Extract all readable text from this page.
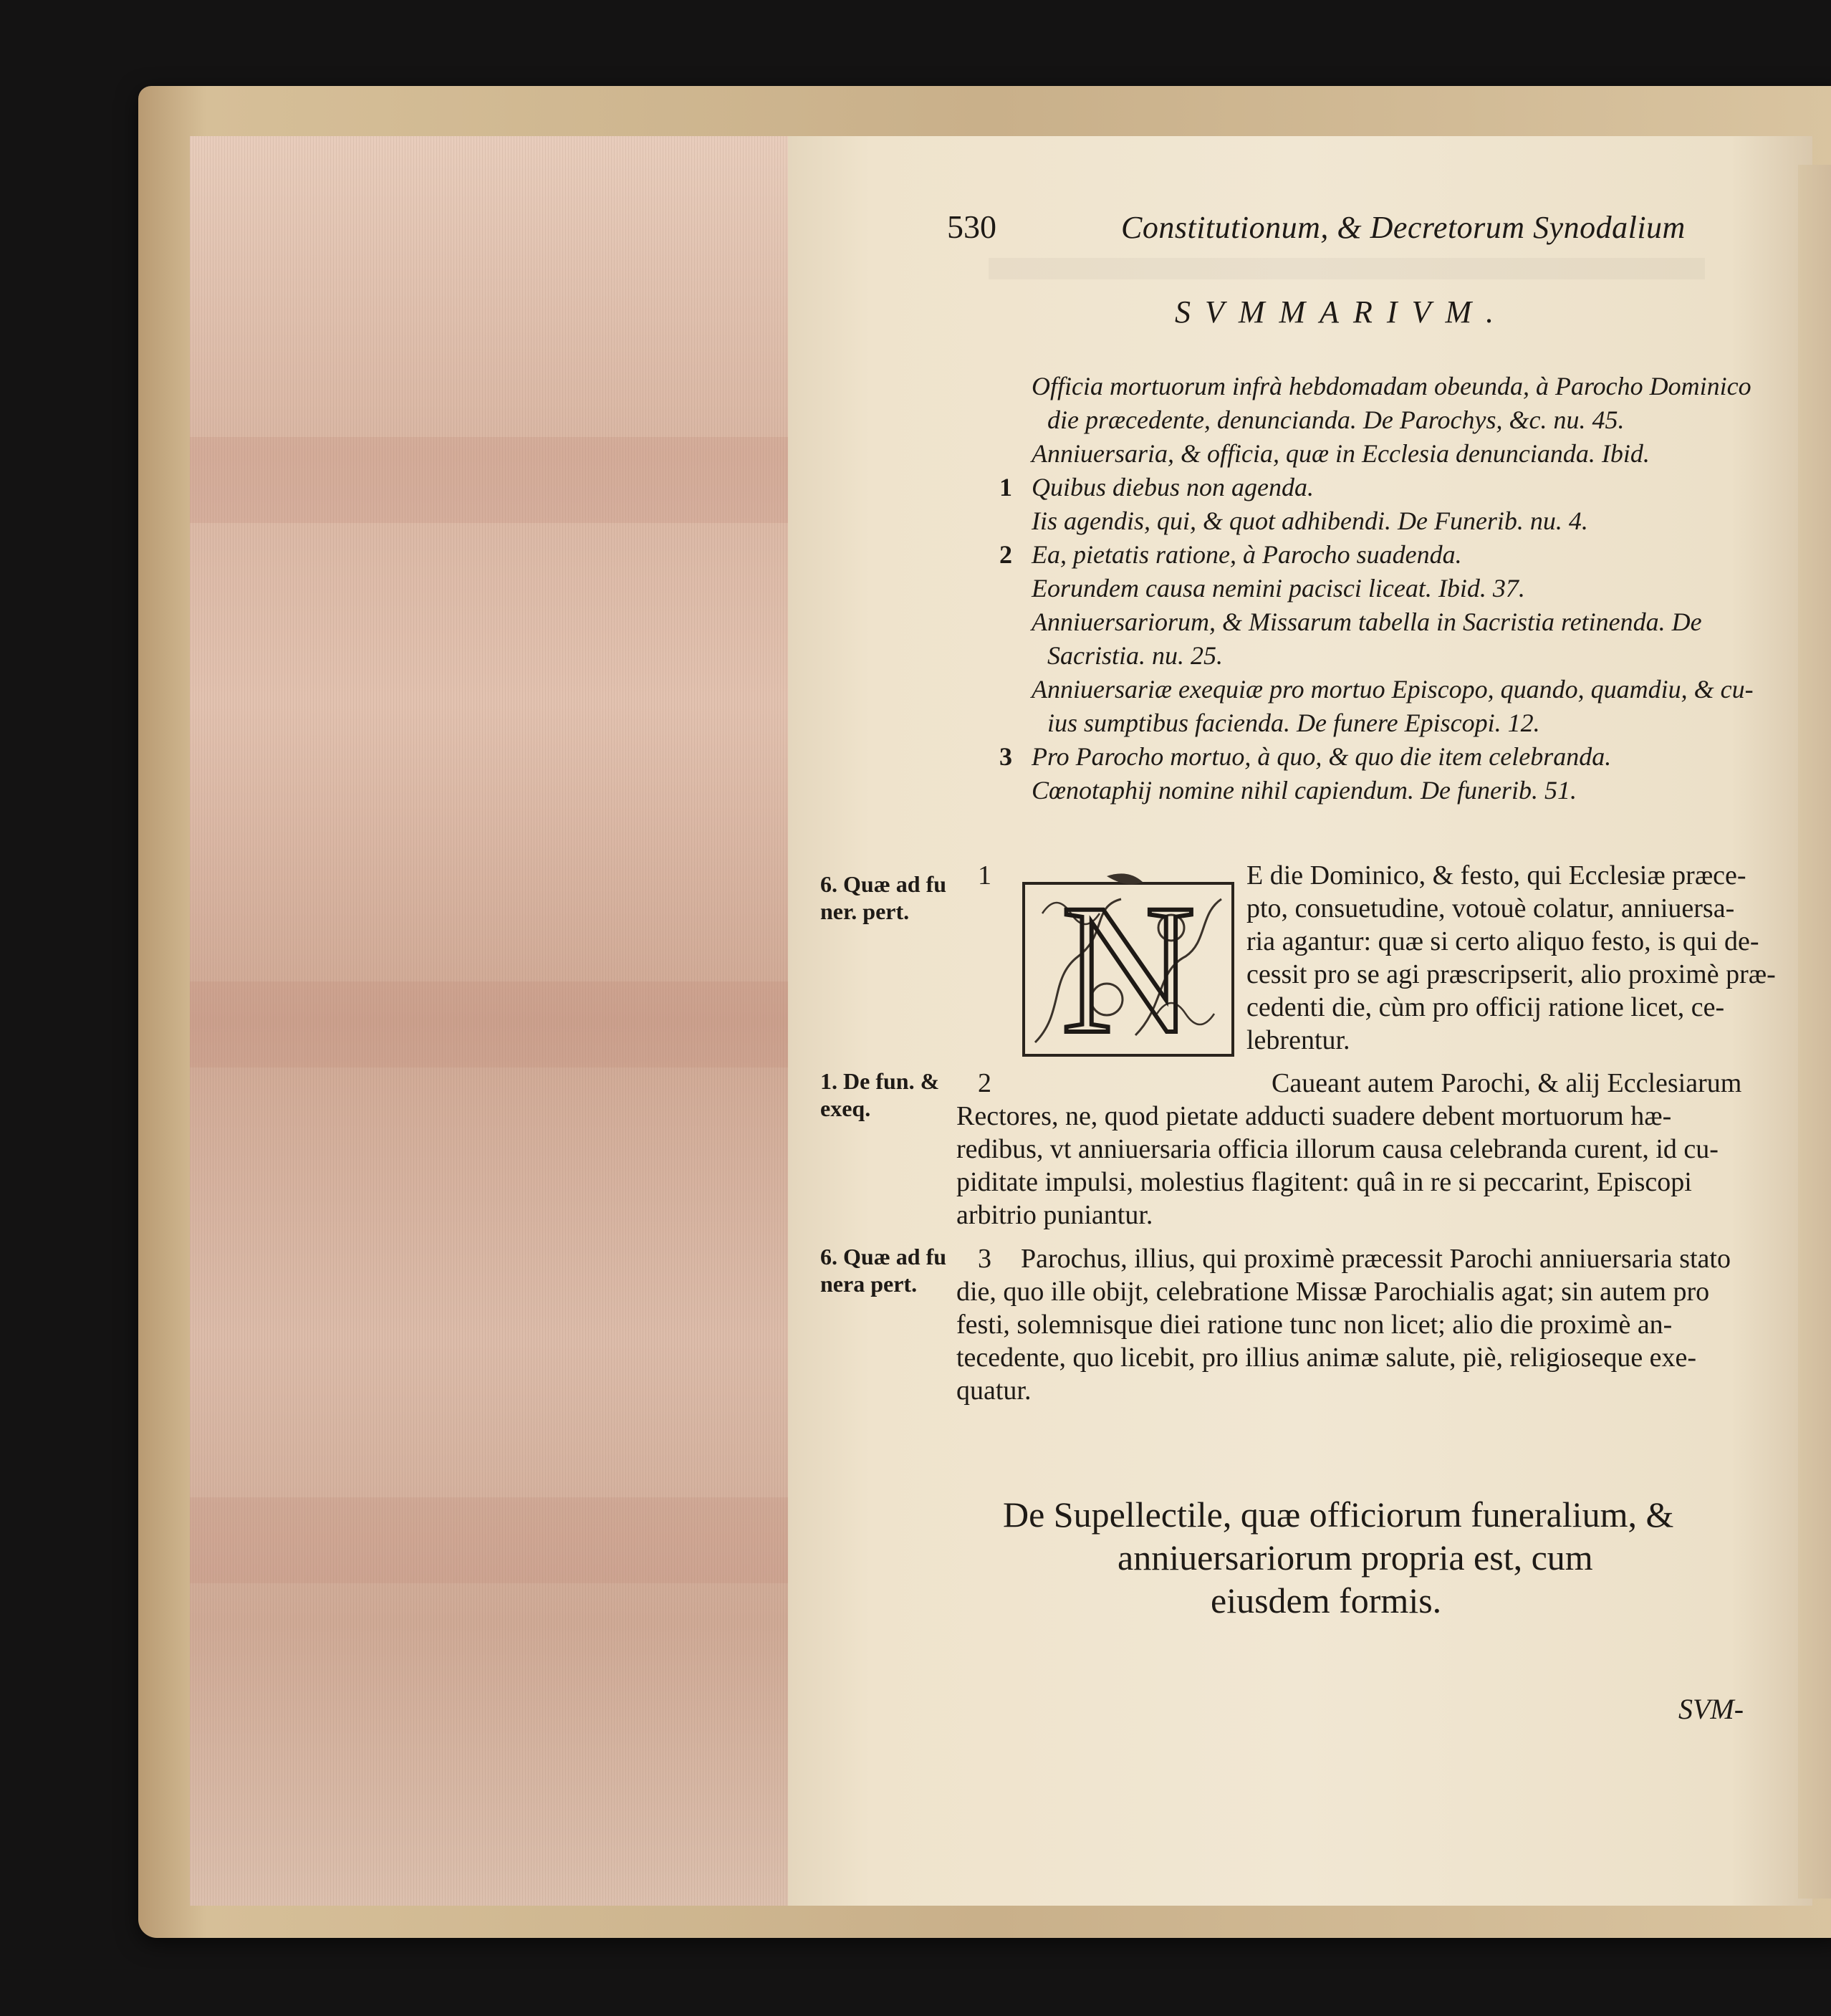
530	Constitutionum, & Decretorum Synodalium
SVMMARIVM.
Officia mortuorum infrà hebdomadam obeunda, à Parocho Dominico
die præcedente, denuncianda. De Parochys, &c. nu. 45.
Anniuersaria, & officia, quæ in Ecclesia denuncianda. Ibid.
1 Quibus diebus non agenda.
Iis agendis, qui, & quot adhibendi. De Funerib. nu. 4.
2 Ea, pietatis ratione, à Parocho suadenda.
Eorundem causa nemini pacisci liceat. Ibid. 37.
Anniuersariorum, & Missarum tabella in Sacristia retinenda. De
Sacristia. nu. 25.
Anniuersariæ exequiæ pro mortuo Episcopo, quando, quamdiu, & cu-
ius sumptibus facienda. De funere Episcopi. 12.
3 Pro Parocho mortuo, à quo, & quo die item celebranda.
Cœnotaphij nomine nihil capiendum. De funerib. 51.
6. Quæ ad fu ner. pert.
1. De fun. & exeq.
6. Quæ ad fu nera pert.
1
2
3
N E die Dominico, & festo, qui Ecclesiæ præce-
pto, consuetudine, votouè colatur, anniuersa-
ria agantur: quæ si certo aliquo festo, is qui de-
cessit pro se agi præscripserit, alio proximè præ-
cedenti die, cùm pro officij ratione licet, ce-
lebrentur.
Caueant autem Parochi, & alij Ecclesiarum
Rectores, ne, quod pietate adducti suadere debent mortuorum hæ-
redibus, vt anniuersaria officia illorum causa celebranda curent, id cu-
piditate impulsi, molestius flagitent: quâ in re si peccarint, Episcopi
arbitrio puniantur.
Parochus, illius, qui proximè præcessit Parochi anniuersaria stato
die, quo ille obijt, celebratione Missæ Parochialis agat; sin autem pro
festi, solemnisque diei ratione tunc non licet; alio die proximè an-
tecedente, quo licebit, pro illius animæ salute, piè, religioseque exe-
quatur.
De Supellectile, quæ officiorum funeralium, &
anniuersariorum propria est, cum
eiusdem formis.
SVM-
